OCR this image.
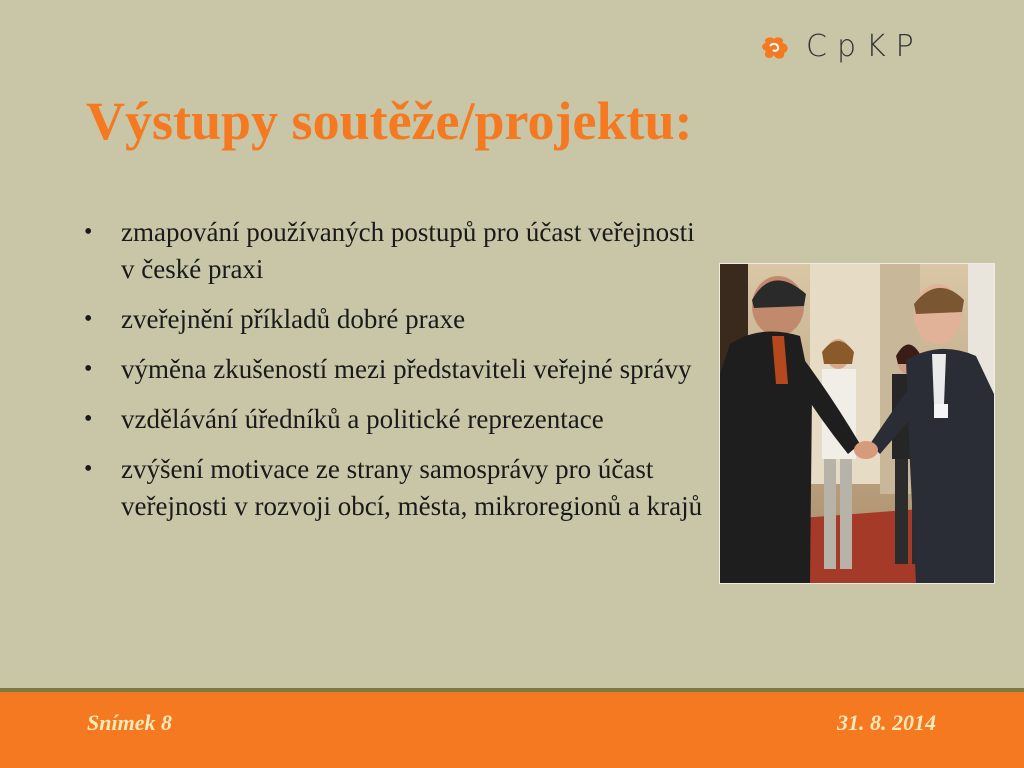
CpKP
Výstupy soutěže/projektu:
• zmapování používaných postupů pro účast veřejnosti v české praxi
• zveřejnění příkladů dobré praxe
• výměna zkušeností mezi představiteli veřejné správy
• vzdělávání úředníků a politické reprezentace
• zvýšení motivace ze strany samosprávy pro účast veřejnosti v rozvoji obcí, města, mikroregionů a krajů
Snímek 8	31. 8. 2014
